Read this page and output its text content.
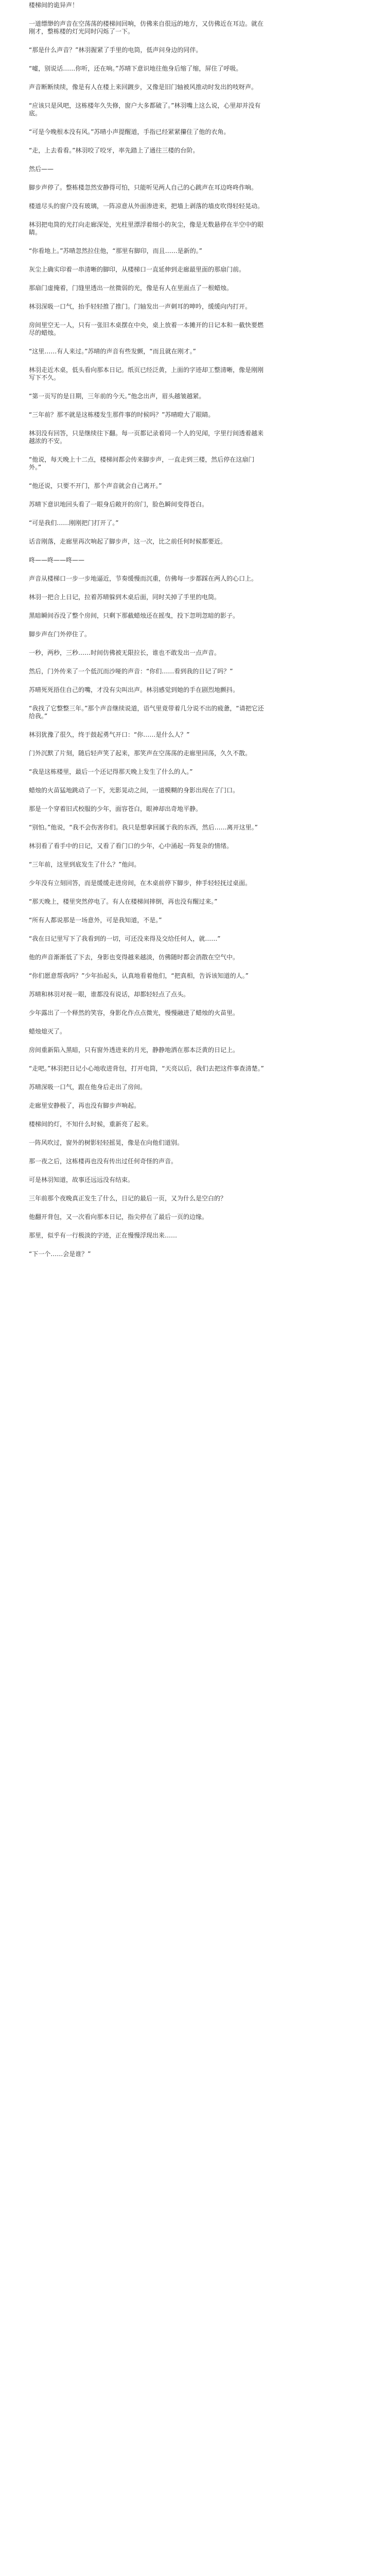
楼梯间的诡异声！

一道缥缈的声音在空荡荡的楼梯间回响，仿佛来自很远的地方，又仿佛近在耳边。就在刚才，整栋楼的灯光同时闪烁了一下。

“那是什么声音？”林羽握紧了手里的电筒，低声问身边的同伴。

“嘘，别说话……你听，还在响。”苏晴下意识地往他身后缩了缩，屏住了呼吸。

声音断断续续，像是有人在楼上来回踱步，又像是旧门轴被风推动时发出的吱呀声。

“应该只是风吧，这栋楼年久失修，窗户大多都破了。”林羽嘴上这么说，心里却并没有底。

“可是今晚根本没有风。”苏晴小声提醒道，手指已经紧紧攥住了他的衣角。

“走，上去看看。”林羽咬了咬牙，率先踏上了通往三楼的台阶。

然后——

脚步声停了。整栋楼忽然安静得可怕，只能听见两人自己的心跳声在耳边咚咚作响。

楼道尽头的窗户没有玻璃，一阵凉意从外面渗进来，把墙上剥落的墙皮吹得轻轻晃动。

林羽把电筒的光打向走廊深处，光柱里漂浮着细小的灰尘，像是无数悬停在半空中的眼睛。

“你看地上。”苏晴忽然拉住他，“那里有脚印，而且……是新的。”

灰尘上确实印着一串清晰的脚印，从楼梯口一直延伸到走廊最里面的那扇门前。

那扇门虚掩着，门缝里透出一丝微弱的光，像是有人在里面点了一根蜡烛。

林羽深吸一口气，抬手轻轻推了推门。门轴发出一声刺耳的呻吟，缓缓向内打开。

房间里空无一人，只有一张旧木桌摆在中央，桌上放着一本摊开的日记本和一截快要燃尽的蜡烛。

“这里……有人来过。”苏晴的声音有些发颤，“而且就在刚才。”

林羽走近木桌，低头看向那本日记。纸页已经泛黄，上面的字迹却工整清晰，像是刚刚写下不久。

“第一页写的是日期，三年前的今天。”他念出声，眉头越皱越紧。

“三年前？那不就是这栋楼发生那件事的时候吗？”苏晴瞪大了眼睛。

林羽没有回答，只是继续往下翻。每一页都记录着同一个人的见闻，字里行间透着越来越浓的不安。

“他说，每天晚上十二点，楼梯间都会传来脚步声，一直走到三楼，然后停在这扇门外。”

“他还说，只要不开门，那个声音就会自己离开。”

苏晴下意识地回头看了一眼身后敞开的房门，脸色瞬间变得苍白。

“可是我们……刚刚把门打开了。”

话音刚落，走廊里再次响起了脚步声，这一次，比之前任何时候都要近。

咚——咚——咚——

声音从楼梯口一步一步地逼近，节奏缓慢而沉重，仿佛每一步都踩在两人的心口上。

林羽一把合上日记，拉着苏晴躲到木桌后面，同时关掉了手里的电筒。

黑暗瞬间吞没了整个房间，只剩下那截蜡烛还在摇曳，投下忽明忽暗的影子。

脚步声在门外停住了。

一秒，两秒，三秒……时间仿佛被无限拉长，谁也不敢发出一点声音。

然后，门外传来了一个低沉而沙哑的声音：“你们……看到我的日记了吗？”

苏晴死死捂住自己的嘴，才没有尖叫出声。林羽感觉到她的手在剧烈地颤抖。

“我找了它整整三年。”那个声音继续说道，语气里竟带着几分说不出的疲惫，“请把它还给我。”

林羽犹豫了很久，终于鼓起勇气开口：“你……是什么人？”

门外沉默了片刻，随后轻声笑了起来，那笑声在空荡荡的走廊里回荡，久久不散。

“我是这栋楼里，最后一个还记得那天晚上发生了什么的人。”

蜡烛的火苗猛地跳动了一下，光影晃动之间，一道模糊的身影出现在了门口。

那是一个穿着旧式校服的少年，面容苍白，眼神却出奇地平静。

“别怕。”他说，“我不会伤害你们。我只是想拿回属于我的东西，然后……离开这里。”

林羽看了看手中的日记，又看了看门口的少年，心中涌起一阵复杂的情绪。

“三年前，这里到底发生了什么？”他问。

少年没有立刻回答，而是缓缓走进房间，在木桌前停下脚步，伸手轻轻抚过桌面。

“那天晚上，楼里突然停电了。有人在楼梯间摔倒，再也没有醒过来。”

“所有人都说那是一场意外，可是我知道，不是。”

“我在日记里写下了我看到的一切，可还没来得及交给任何人，就……”

他的声音渐渐低了下去，身影也变得越来越淡，仿佛随时都会消散在空气中。

“你们愿意帮我吗？”少年抬起头，认真地看着他们，“把真相，告诉该知道的人。”

苏晴和林羽对视一眼，谁都没有说话，却都轻轻点了点头。

少年露出了一个释然的笑容，身影化作点点微光，慢慢融进了蜡烛的火苗里。

蜡烛熄灭了。

房间重新陷入黑暗，只有窗外透进来的月光，静静地洒在那本泛黄的日记上。

“走吧。”林羽把日记小心地收进背包，打开电筒，“天亮以后，我们去把这件事查清楚。”

苏晴深吸一口气，跟在他身后走出了房间。

走廊里安静极了，再也没有脚步声响起。

楼梯间的灯，不知什么时候，重新亮了起来。

一阵风吹过，窗外的树影轻轻摇晃，像是在向他们道别。

那一夜之后，这栋楼再也没有传出过任何奇怪的声音。

可是林羽知道，故事还远远没有结束。

三年前那个夜晚真正发生了什么，日记的最后一页，又为什么是空白的？

他翻开背包，又一次看向那本日记，指尖停在了最后一页的边缘。

那里，似乎有一行极淡的字迹，正在慢慢浮现出来……

“下一个……会是谁？”
